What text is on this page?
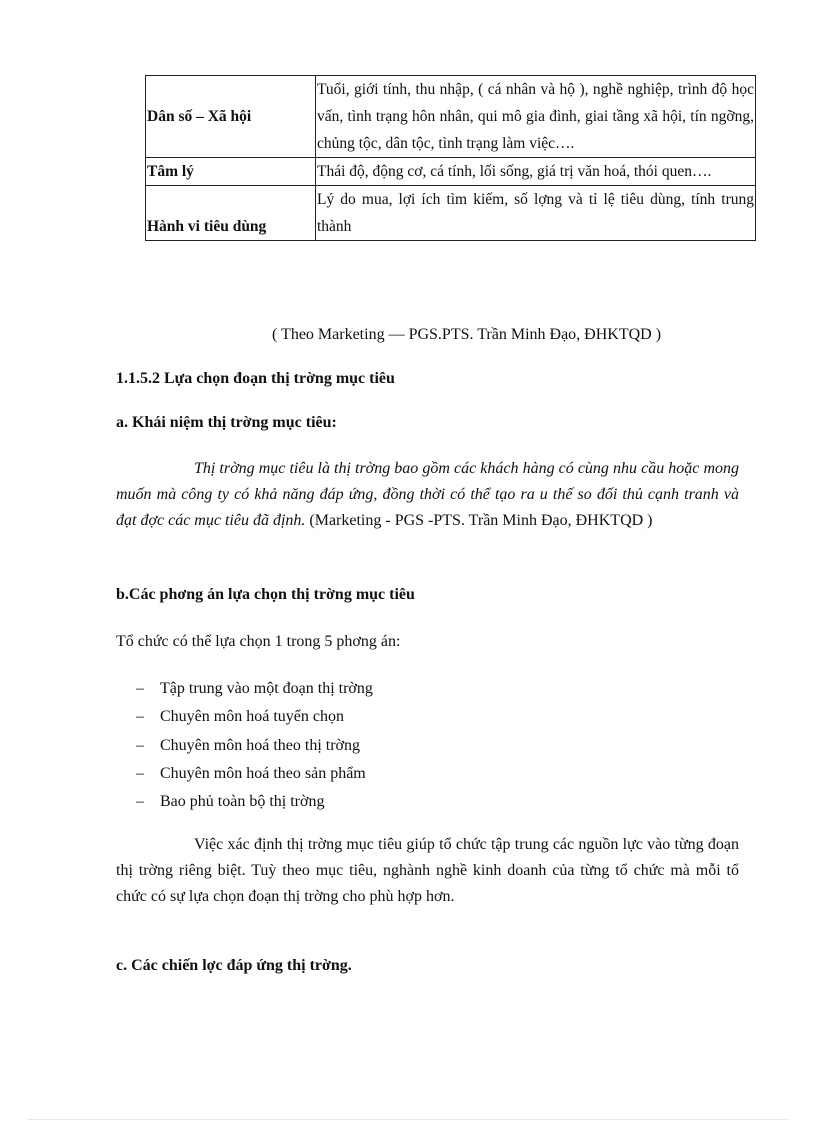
Dân số – Xã hội	Tuổi, giới tính, thu nhập, ( cá nhân và hộ ), nghề nghiệp, trình độ học vấn, tình trạng hôn nhân, qui mô gia đình, giai tầng xã hội, tín ngỡng, chủng tộc, dân tộc, tình trạng làm việc….
Tâm lý	Thái độ, động cơ, cá tính, lối sống, giá trị văn hoá, thói quen….
Hành vi tiêu dùng	Lý do mua, lợi ích tìm kiếm, số lợng và tỉ lệ tiêu dùng, tính trung thành
( Theo Marketing — PGS.PTS. Trần Minh Đạo, ĐHKTQD )
1.1.5.2 Lựa chọn đoạn thị trờng mục tiêu
a. Khái niệm thị trờng mục tiêu:

Thị trờng mục tiêu là thị trờng bao gồm các khách hàng có cùng nhu cầu hoặc mong muốn mà công ty có khả năng đáp ứng, đồng thời có thể tạo ra u thế so đối thủ cạnh tranh và đạt đợc các mục tiêu đã định. (Marketing - PGS -PTS. Trần Minh Đạo, ĐHKTQD )

b.Các phơng án lựa chọn thị trờng mục tiêu
Tổ chức có thể lựa chọn 1 trong 5 phơng án:
– Tập trung vào một đoạn thị trờng
– Chuyên môn hoá tuyển chọn
– Chuyên môn hoá theo thị trờng
– Chuyên môn hoá theo sản phẩm
– Bao phủ toàn bộ thị trờng

Việc xác định thị trờng mục tiêu giúp tổ chức tập trung các nguồn lực vào từng đoạn thị trờng riêng biệt. Tuỳ theo mục tiêu, nghành nghề kinh doanh của từng tổ chức mà mỗi tổ chức có sự lựa chọn đoạn thị trờng cho phù hợp hơn.

c. Các chiến lợc đáp ứng thị trờng.
